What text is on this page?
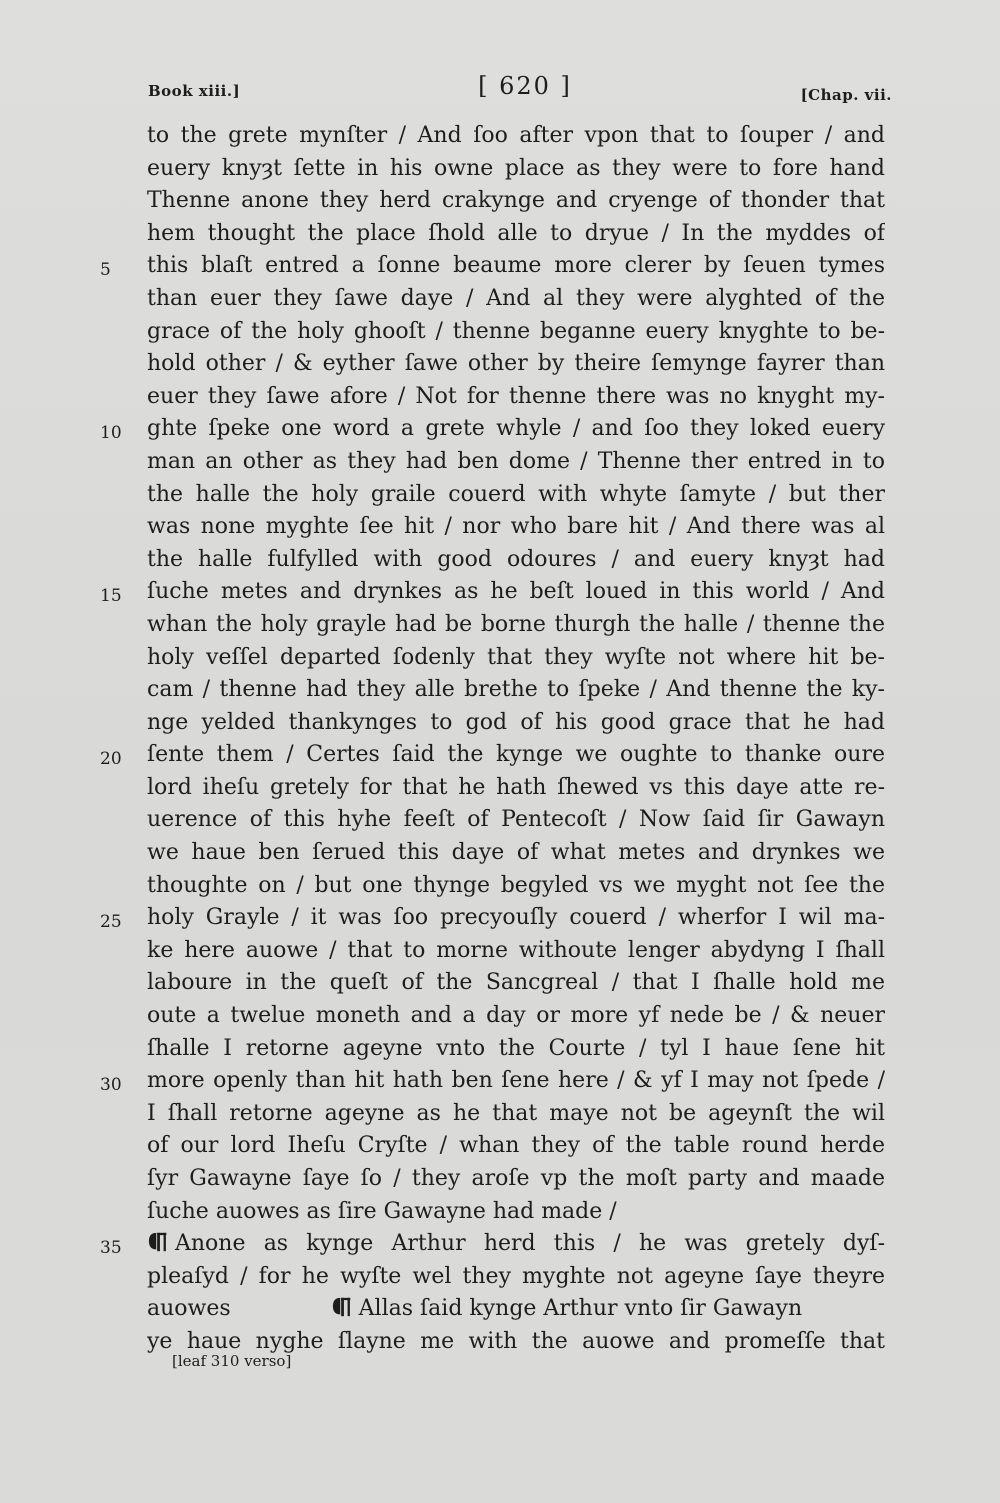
Book xiii.]	[ 620 ]	[Chap. vii.
to the grete mynſter / And ſoo after vpon that to ſouper / and
euery knyȝt ſette in his owne place as they were to fore hand
Thenne anone they herd crakynge and cryenge of thonder that
hem thought the place ſhold alle to dryue / In the myddes of
5	this blaſt entred a ſonne beaume more clerer by ſeuen tymes
than euer they ſawe daye / And al they were alyghted of the
grace of the holy ghooſt / thenne beganne euery knyghte to be-
hold other / & eyther ſawe other by theire ſemynge fayrer than
euer they ſawe afore / Not for thenne there was no knyght my-
10	ghte ſpeke one word a grete whyle / and ſoo they loked euery
man an other as they had ben dome / Thenne ther entred in to
the halle the holy graile couerd with whyte ſamyte / but ther
was none myghte ſee hit / nor who bare hit / And there was al
the halle fulfylled with good odoures / and euery knyȝt had
15	ſuche metes and drynkes as he beſt loued in this world / And
whan the holy grayle had be borne thurgh the halle / thenne the
holy veſſel departed ſodenly that they wyſte not where hit be-
cam / thenne had they alle brethe to ſpeke / And thenne the ky-
nge yelded thankynges to god of his good grace that he had
20	ſente them / Certes ſaid the kynge we oughte to thanke oure
lord iheſu gretely for that he hath ſhewed vs this daye atte re-
uerence of this hyhe feeſt of Pentecoſt / Now ſaid ſir Gawayn
we haue ben ſerued this daye of what metes and drynkes we
thoughte on / but one thynge begyled vs we myght not ſee the
25	holy Grayle / it was ſoo precyouſly couerd / wherfor I wil ma-
ke here auowe / that to morne withoute lenger abydyng I ſhall
laboure in the queſt of the Sancgreal / that I ſhalle hold me
oute a twelue moneth and a day or more yf nede be / & neuer
ſhalle I retorne ageyne vnto the Courte / tyl I haue ſene hit
30	more openly than hit hath ben ſene here / & yf I may not ſpede /
I ſhall retorne ageyne as he that maye not be ageynſt the wil
of our lord Iheſu Cryſte / whan they of the table round herde
ſyr Gawayne ſaye ſo / they aroſe vp the moſt party and maade
ſuche auowes as ſire Gawayne had made /
35	Anone as kynge Arthur herd this / he was gretely dyſ-
pleaſyd / for he wyſte wel they myghte not ageyne ſaye theyre
auowes	Allas ſaid kynge Arthur vnto ſir Gawayn
ye haue nyghe ſlayne me with the auowe and promeſſe that
[leaf 310 verso]
